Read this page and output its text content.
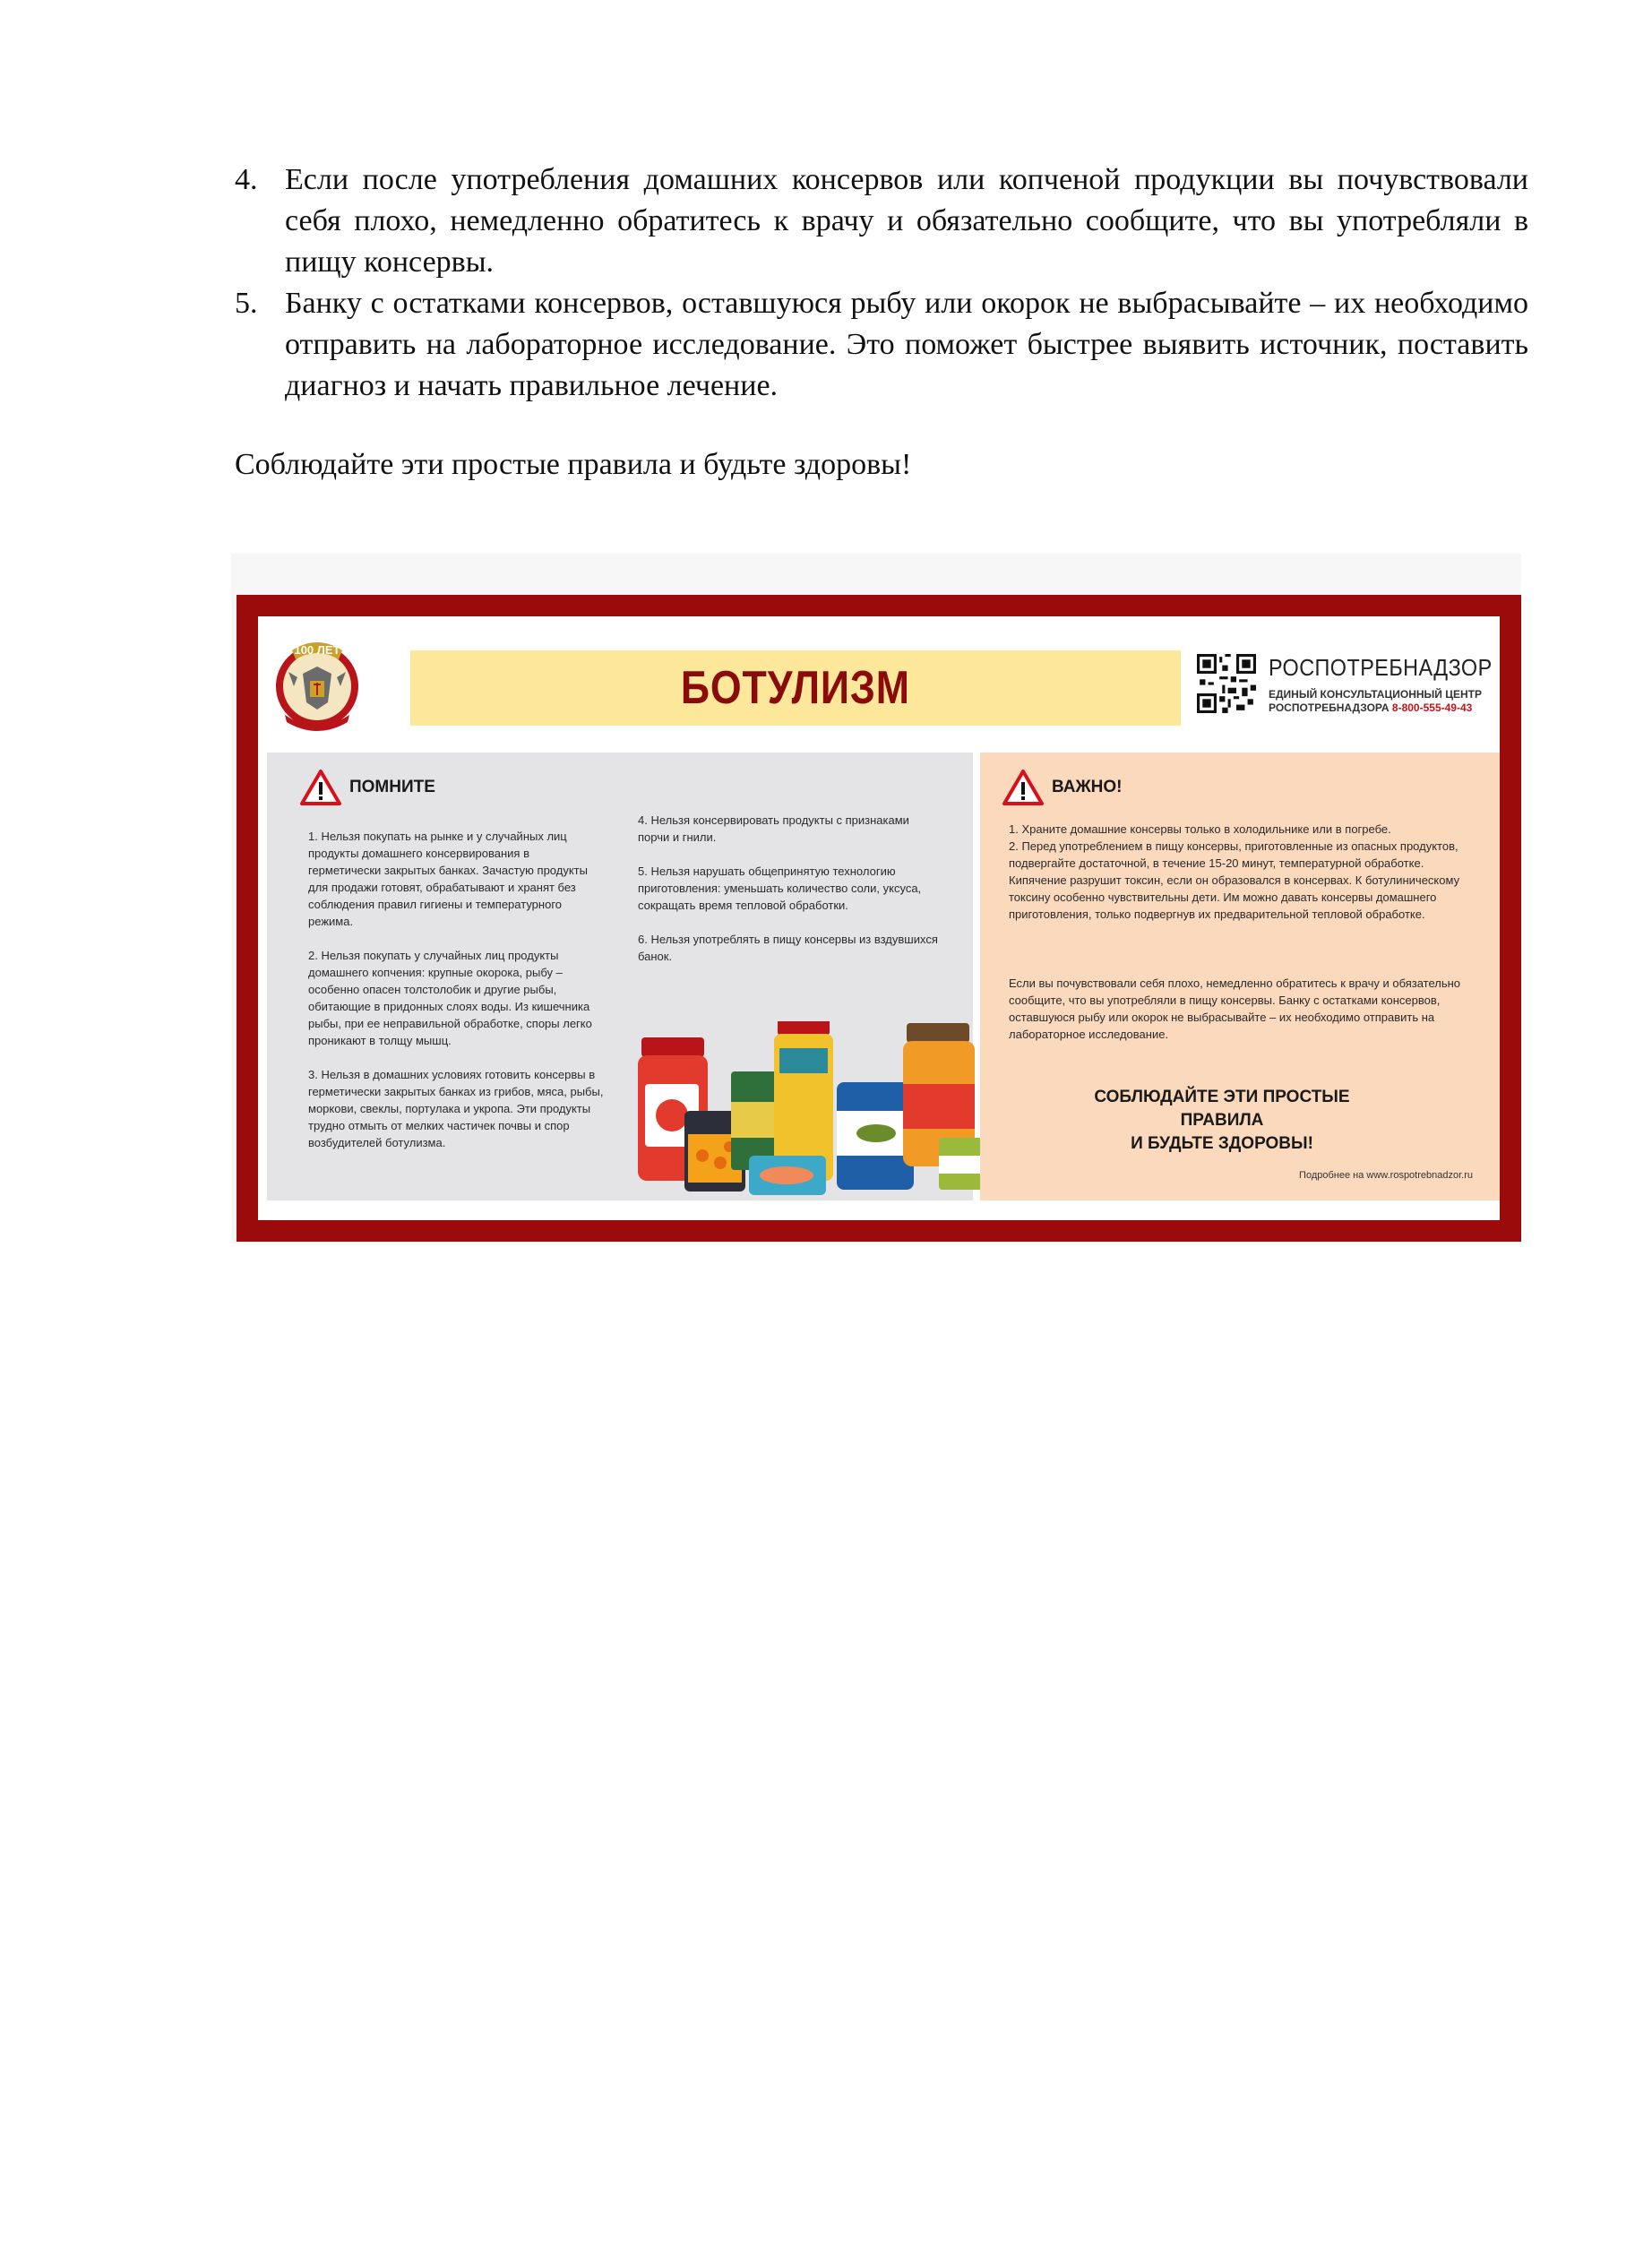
4. Если после употребления домашних консервов или копченой продукции вы почувствовали себя плохо, немедленно обратитесь к врачу и обязательно сообщите, что вы употребляли в пищу консервы.
5. Банку с остатками консервов, оставшуюся рыбу или окорок не выбрасывайте – их необходимо отправить на лабораторное исследование. Это поможет быстрее выявить источник, поставить диагноз и начать правильное лечение.
Соблюдайте эти простые правила и будьте здоровы!
100 ЛЕТ
БОТУЛИЗМ	РОСПОТРЕБНАДЗОР
ЕДИНЫЙ КОНСУЛЬТАЦИОННЫЙ ЦЕНТР
РОСПОТРЕБНАДЗОРА 8-800-555-49-43
ПОМНИТЕ

1. Нельзя покупать на рынке и у случайных лиц продукты домашнего консервирования в герметически закрытых банках. Зачастую продукты для продажи готовят, обрабатывают и хранят без соблюдения правил гигиены и температурного режима.

2. Нельзя покупать у случайных лиц продукты домашнего копчения: крупные окорока, рыбу – особенно опасен толстолобик и другие рыбы, обитающие в придонных слоях воды. Из кишечника рыбы, при ее неправильной обработке, споры легко проникают в толщу мышц.

3. Нельзя в домашних условиях готовить консервы в герметически закрытых банках из грибов, мяса, рыбы, моркови, свеклы, портулака и укропа. Эти продукты трудно отмыть от мелких частичек почвы и спор возбудителей ботулизма.

4. Нельзя консервировать продукты с признаками порчи и гнили.

5. Нельзя нарушать общепринятую технологию приготовления: уменьшать количество соли, уксуса, сокращать время тепловой обработки.

6. Нельзя употреблять в пищу консервы из вздувшихся банок.

ВАЖНО!
1. Храните домашние консервы только в холодильнике или в погребе.
2. Перед употреблением в пищу консервы, приготовленные из опасных продуктов, подвергайте достаточной, в течение 15-20 минут, температурной обработке. Кипячение разрушит токсин, если он образовался в консервах. К ботулиническому токсину особенно чувствительны дети. Им можно давать консервы домашнего приготовления, только подвергнув их предварительной тепловой обработке.
Если вы почувствовали себя плохо, немедленно обратитесь к врачу и обязательно сообщите, что вы употребляли в пищу консервы. Банку с остатками консервов, оставшуюся рыбу или окорок не выбрасывайте – их необходимо отправить на лабораторное исследование.
СОБЛЮДАЙТЕ ЭТИ ПРОСТЫЕ ПРАВИЛА
И БУДЬТЕ ЗДОРОВЫ!
Подробнее на www.rospotrebnadzor.ru
